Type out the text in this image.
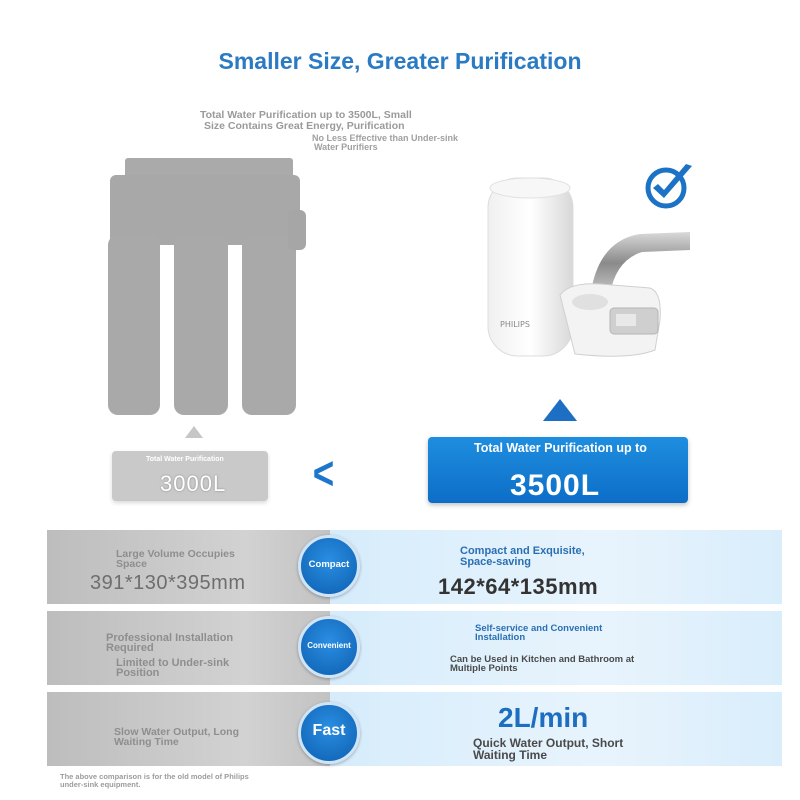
Smaller Size, Greater Purification
Total Water Purification up to 3500L, Small
Size Contains Great Energy, Purification
No Less Effective than Under-sink
Water Purifiers
PHILIPS
Total Water Purification
3000L <	Total Water Purification up to
3500L
Large Volume Occupies Space
391*130*395mm
Compact
Compact and Exquisite, Space-saving
142*64*135mm
Professional Installation Required
Limited to Under-sink Position
Convenient
Self-service and Convenient Installation
Can be Used in Kitchen and Bathroom at Multiple Points
Slow Water Output, Long Waiting Time
Fast	2L/min
Quick Water Output, Short Waiting Time
The above comparison is for the old model of Philips under-sink equipment.
